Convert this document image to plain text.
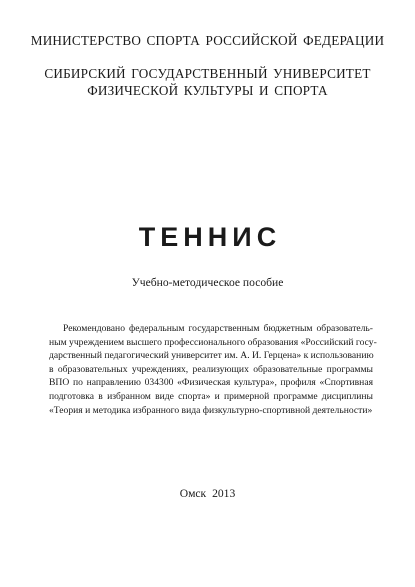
МИНИСТЕРСТВО СПОРТА РОССИЙСКОЙ ФЕДЕРАЦИИ
СИБИРСКИЙ ГОСУДАРСТВЕННЫЙ УНИВЕРСИТЕТ
ФИЗИЧЕСКОЙ КУЛЬТУРЫ И СПОРТА
ТЕННИС
Учебно-методическое пособие
Рекомендовано федеральным государственным бюджетным образователь-
ным учреждением высшего профессионального образования «Российский госу-
дарственный педагогический университет им. А. И. Герцена» к использованию
в образовательных учреждениях, реализующих образовательные программы
ВПО по направлению 034300 «Физическая культура», профиля «Спортивная
подготовка в избранном виде спорта» и примерной программе дисциплины
«Теория и методика избранного вида физкультурно-спортивной деятельности»
Омск 2013
